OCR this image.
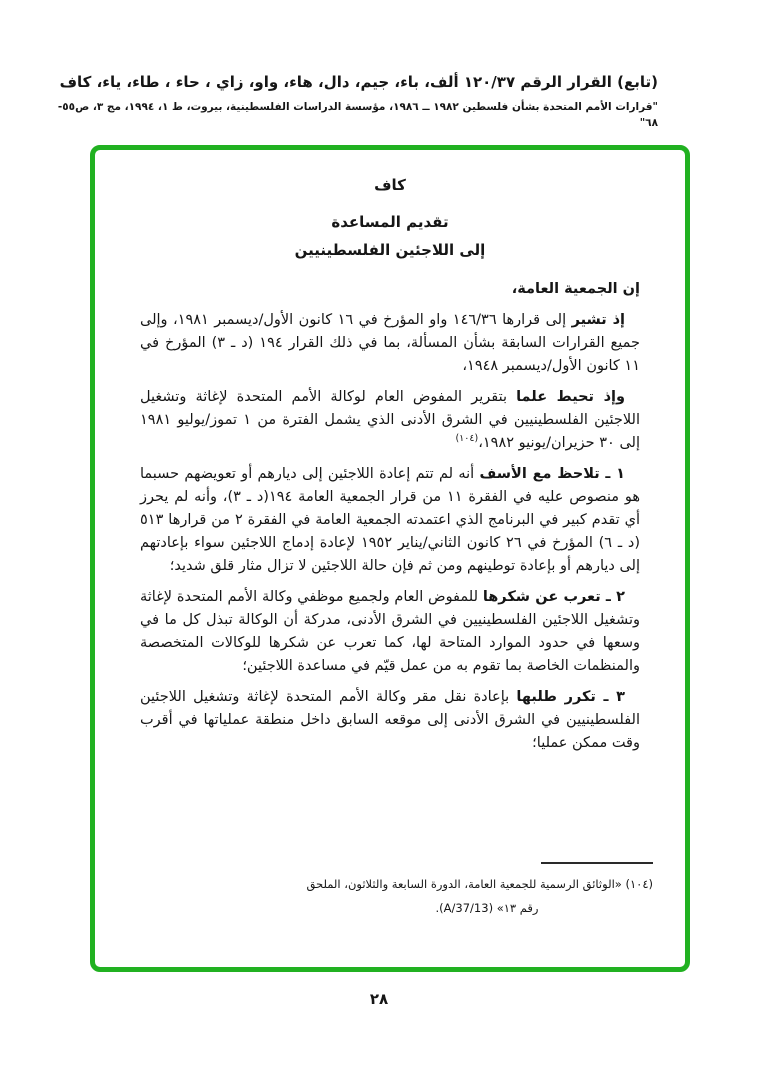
(تابع) القرار الرقم ١٢٠/٣٧ ألف، باء، جيم، دال، هاء، واو، زاي ، حاء ، طاء، ياء، كاف
"قرارات الأمم المتحدة بشأن فلسطين ١٩٨٢ ــ ١٩٨٦، مؤسسة الدراسات الفلسطينية، بيروت، ط ١، ١٩٩٤، مج ٣، ص٥٥- ٦٨"
كاف
تقديم المساعدة
إلى اللاجئين الفلسطينيين
إن الجمعية العامة،
إذ تشير إلى قرارها ١٤٦/٣٦ واو المؤرخ في ١٦ كانون الأول/ديسمبر ١٩٨١، وإلى جميع القرارات السابقة بشأن المسألة، بما في ذلك القرار ١٩٤ (د ـ ٣) المؤرخ في ١١ كانون الأول/ديسمبر ١٩٤٨،
وإذ تحيط علما بتقرير المفوض العام لوكالة الأمم المتحدة لإغاثة وتشغيل اللاجئين الفلسطينيين في الشرق الأدنى الذي يشمل الفترة من ١ تموز/يوليو ١٩٨١ إلى ٣٠ حزيران/يونيو ١٩٨٢،$^{(١٠٤)}$
١ ـ تلاحظ مع الأسف أنه لم تتم إعادة اللاجئين إلى ديارهم أو تعويضهم حسبما هو منصوص عليه في الفقرة ١١ من قرار الجمعية العامة ١٩٤(د ـ ٣)، وأنه لم يحرز أي تقدم كبير في البرنامج الذي اعتمدته الجمعية العامة في الفقرة ٢ من قرارها ٥١٣ (د ـ ٦) المؤرخ في ٢٦ كانون الثاني/يناير ١٩٥٢ لإعادة إدماج اللاجئين سواء بإعادتهم إلى ديارهم أو بإعادة توطينهم ومن ثم فإن حالة اللاجئين لا تزال مثار قلق شديد؛
٢ ـ تعرب عن شكرها للمفوض العام ولجميع موظفي وكالة الأمم المتحدة لإغاثة وتشغيل اللاجئين الفلسطينيين في الشرق الأدنى، مدركة أن الوكالة تبذل كل ما في وسعها في حدود الموارد المتاحة لها، كما تعرب عن شكرها للوكالات المتخصصة والمنظمات الخاصة بما تقوم به من عمل قيّم في مساعدة اللاجئين؛
٣ ـ تكرر طلبها بإعادة نقل مقر وكالة الأمم المتحدة لإغاثة وتشغيل اللاجئين الفلسطينيين في الشرق الأدنى إلى موقعه السابق داخل منطقة عملياتها في أقرب وقت ممكن عمليا؛
(١٠٤) «الوثائق الرسمية للجمعية العامة، الدورة السابعة والثلاثون، الملحق
رقم ١٣» (A/37/13).
٢٨
